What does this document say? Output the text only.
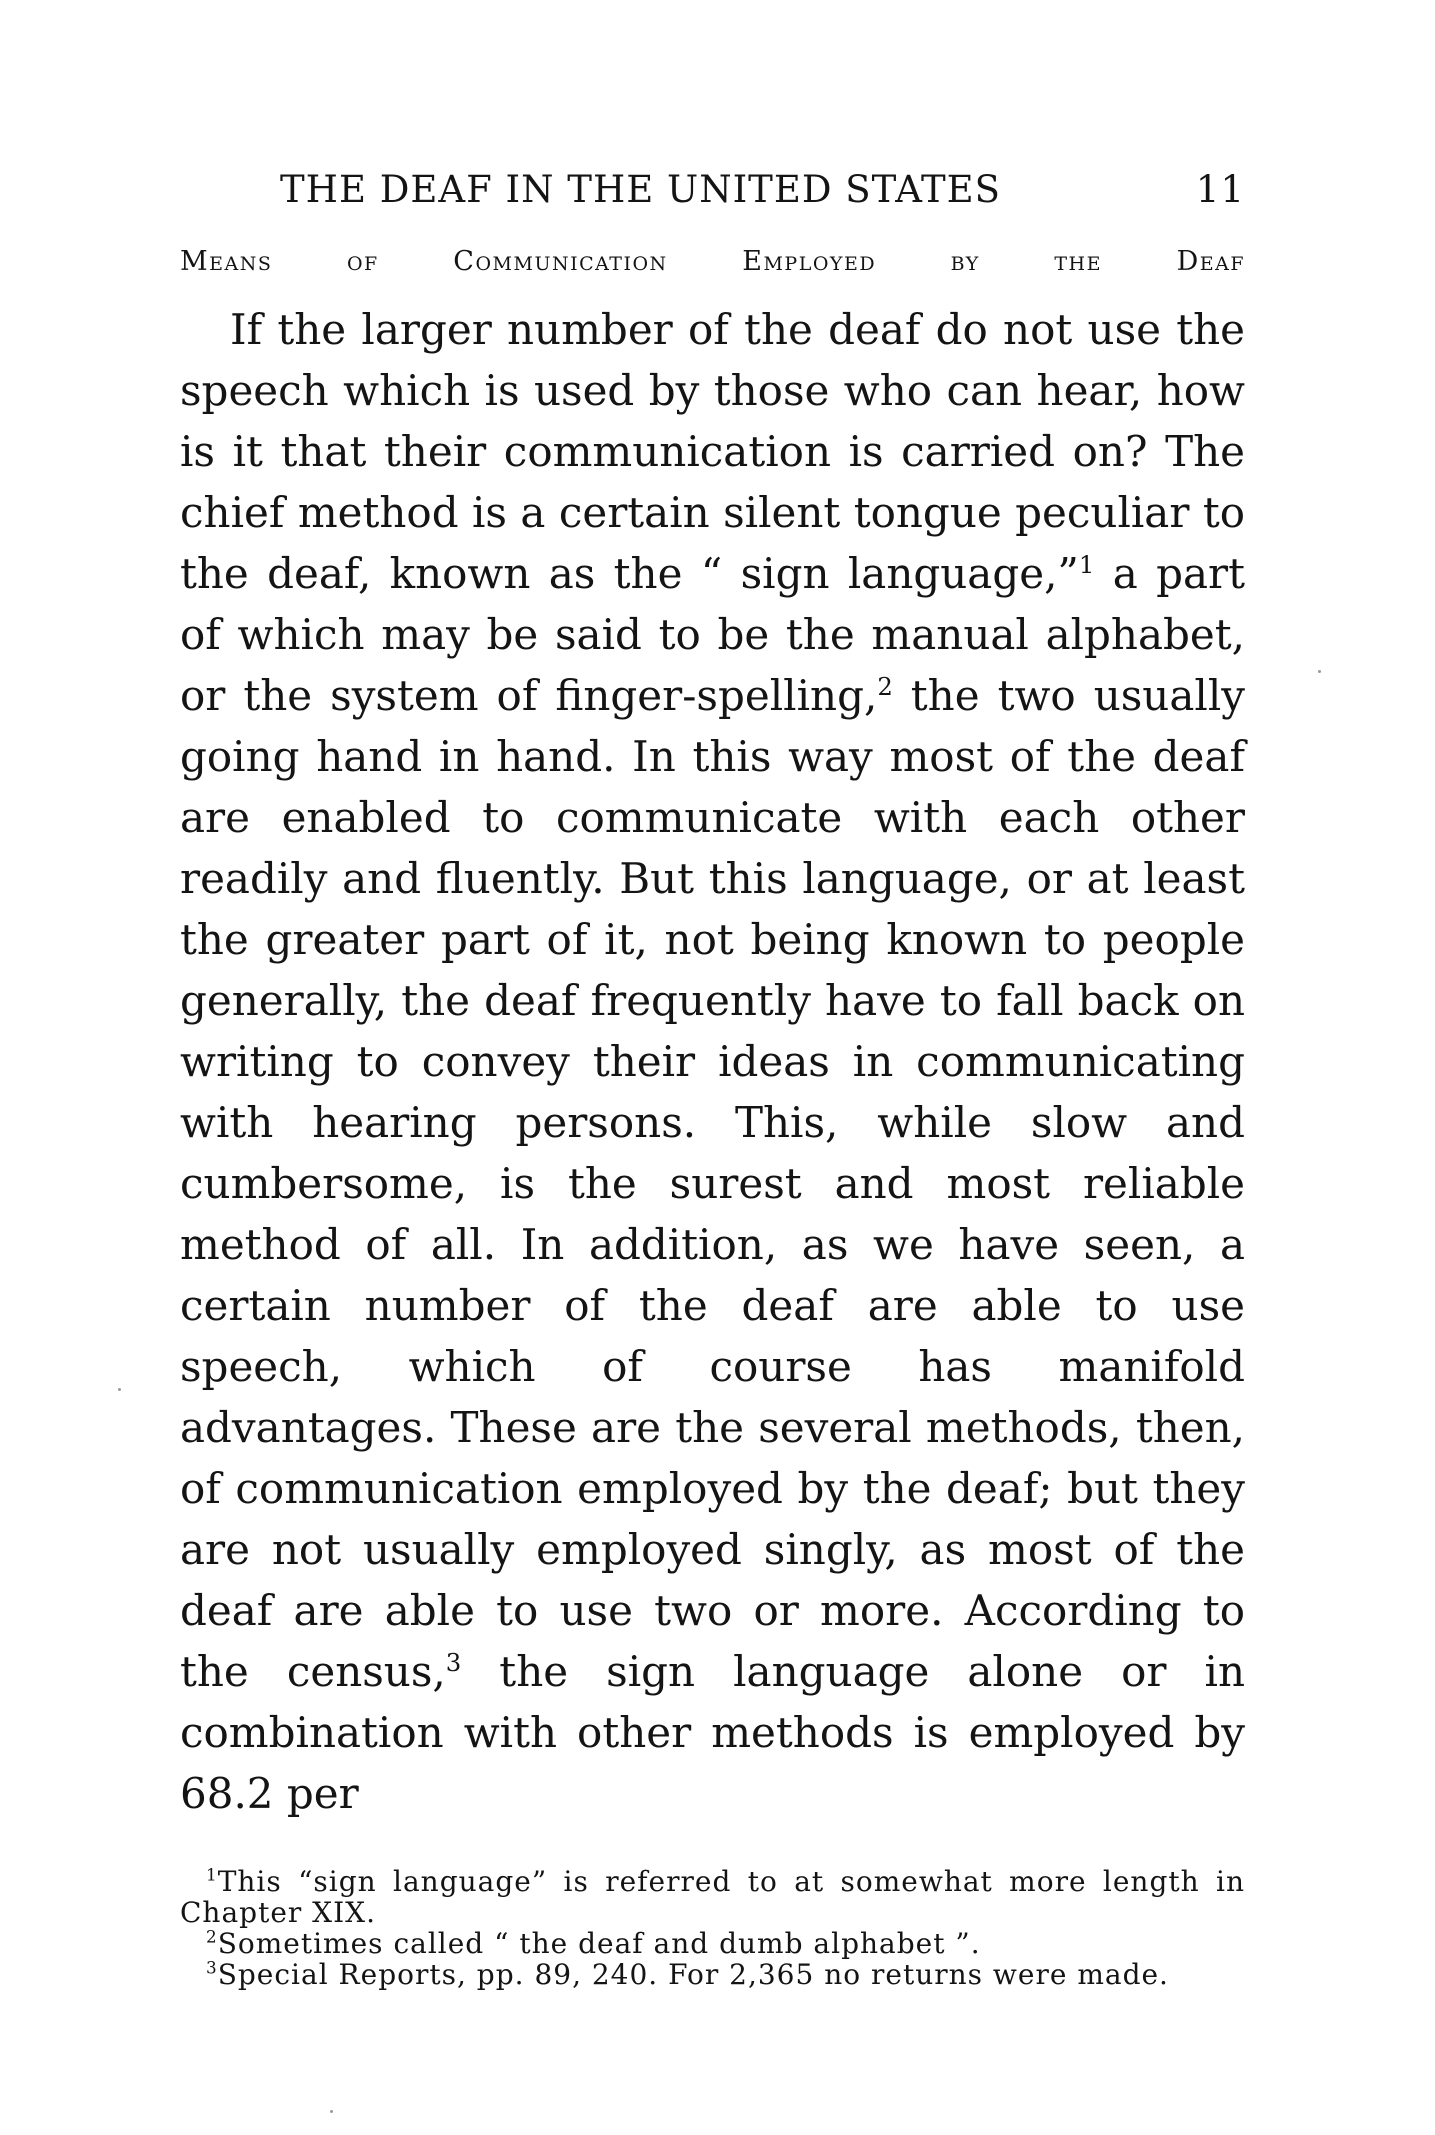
THE DEAF IN THE UNITED STATES	11
Means of Communication Employed by the Deaf

If the larger number of the deaf do not use the speech which is used by those who can hear, how is it that their communication is carried on? The chief method is a certain silent tongue peculiar to the deaf, known as the “ sign language,”$^1$ a part of which may be said to be the manual alphabet, or the system of finger-spelling,$^2$ the two usually going hand in hand. In this way most of the deaf are enabled to communicate with each other readily and fluently. But this language, or at least the greater part of it, not being known to people generally, the deaf frequently have to fall back on writing to convey their ideas in communicating with hearing persons. This, while slow and cumbersome, is the surest and most reliable method of all. In addition, as we have seen, a certain number of the deaf are able to use speech, which of course has manifold advantages. These are the several methods, then, of communication employed by the deaf; but they are not usually employed singly, as most of the deaf are able to use two or more. According to the census,$^3$ the sign language alone or in combination with other methods is employed by 68.2 per

$^1$This “sign language” is referred to at somewhat more length in Chapter XIX.
$^2$Sometimes called “ the deaf and dumb alphabet ”.
$^3$Special Reports, pp. 89, 240. For 2,365 no returns were made.
